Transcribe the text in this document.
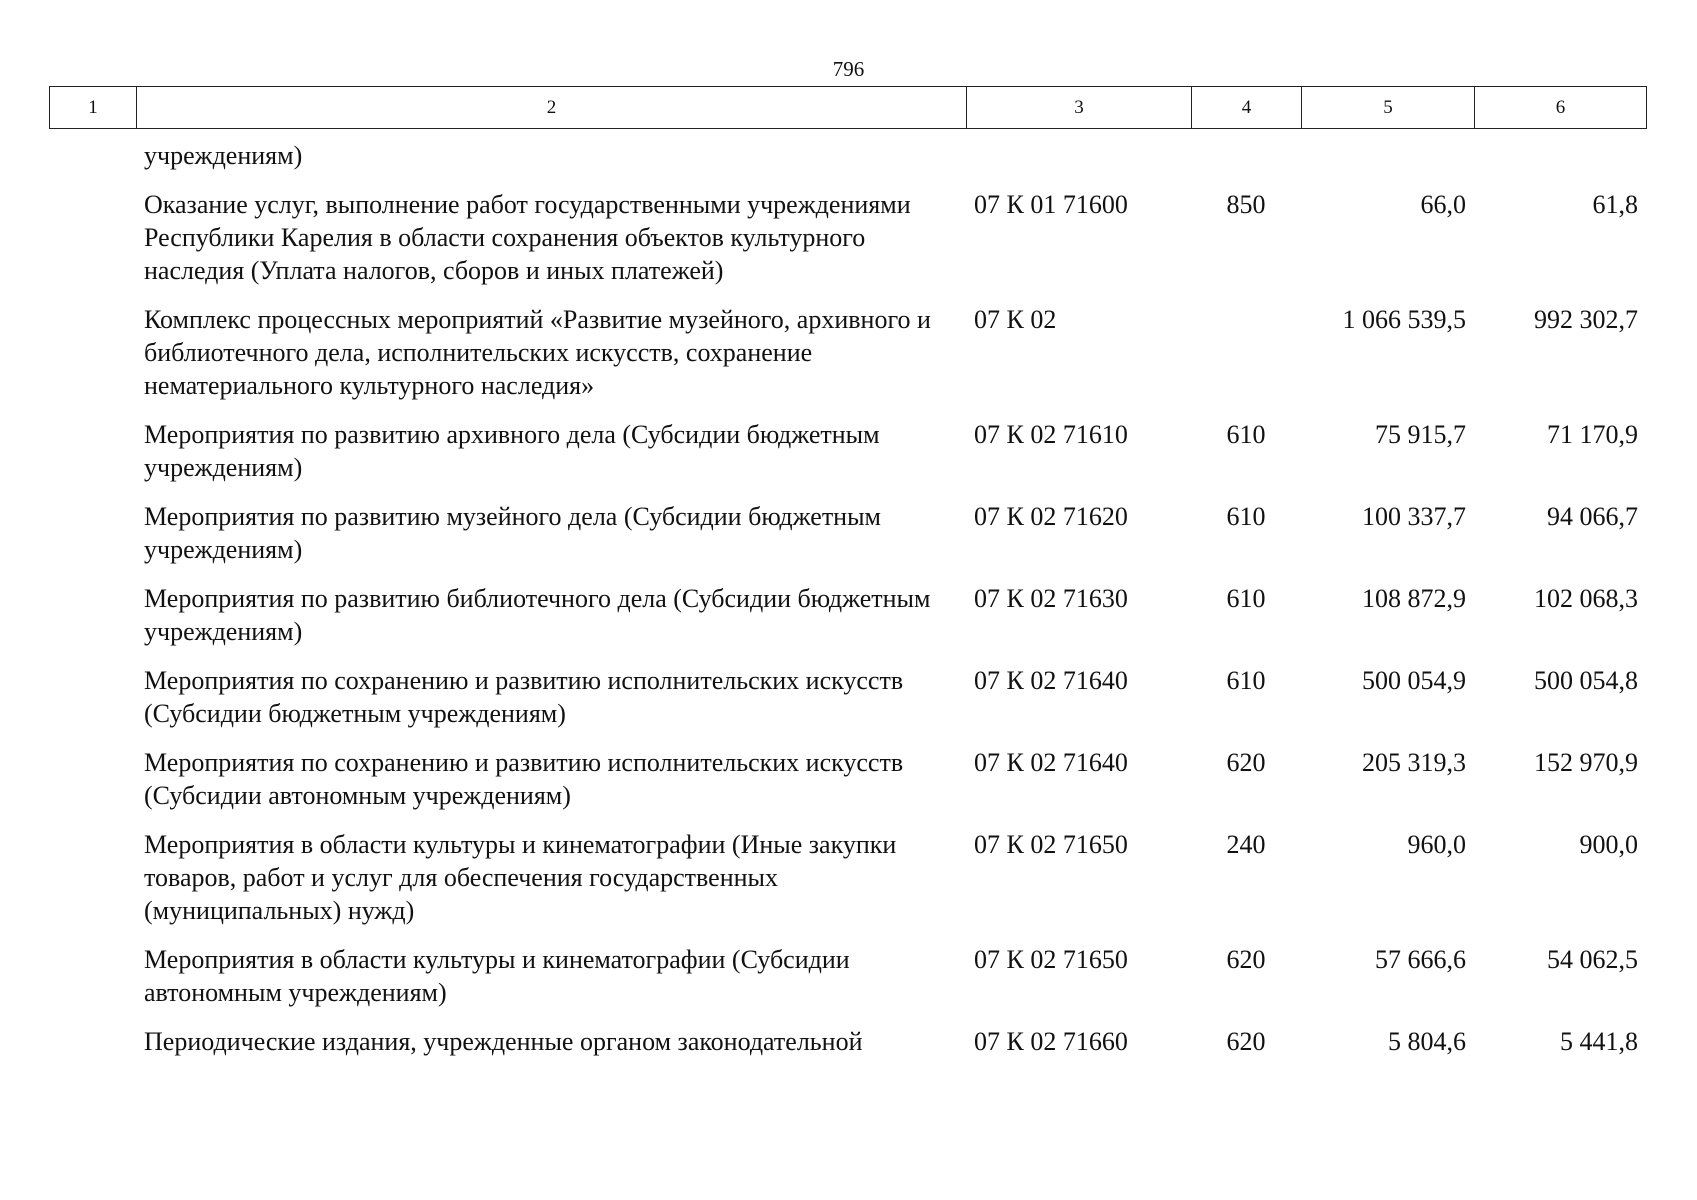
796
1	2	3	4	5	6
	учреждениям)				
	Оказание услуг, выполнение работ государственными учреждениями Республики Карелия в области сохранения объектов культурного наследия (Уплата налогов, сборов и иных платежей)	07 К 01 71600	850	66,0	61,8
	Комплекс процессных мероприятий «Развитие музейного, архивного и библиотечного дела, исполнительских искусств, сохранение нематериального культурного наследия»	07 К 02		1 066 539,5	992 302,7
	Мероприятия по развитию архивного дела (Субсидии бюджетным учреждениям)	07 К 02 71610	610	75 915,7	71 170,9
	Мероприятия по развитию музейного дела (Субсидии бюджетным учреждениям)	07 К 02 71620	610	100 337,7	94 066,7
	Мероприятия по развитию библиотечного дела (Субсидии бюджетным учреждениям)	07 К 02 71630	610	108 872,9	102 068,3
	Мероприятия по сохранению и развитию исполнительских искусств (Субсидии бюджетным учреждениям)	07 К 02 71640	610	500 054,9	500 054,8
	Мероприятия по сохранению и развитию исполнительских искусств (Субсидии автономным учреждениям)	07 К 02 71640	620	205 319,3	152 970,9
	Мероприятия в области культуры и кинематографии (Иные закупки товаров, работ и услуг для обеспечения государственных (муниципальных) нужд)	07 К 02 71650	240	960,0	900,0
	Мероприятия в области культуры и кинематографии (Субсидии автономным учреждениям)	07 К 02 71650	620	57 666,6	54 062,5
	Периодические издания, учрежденные органом законодательной	07 К 02 71660	620	5 804,6	5 441,8
